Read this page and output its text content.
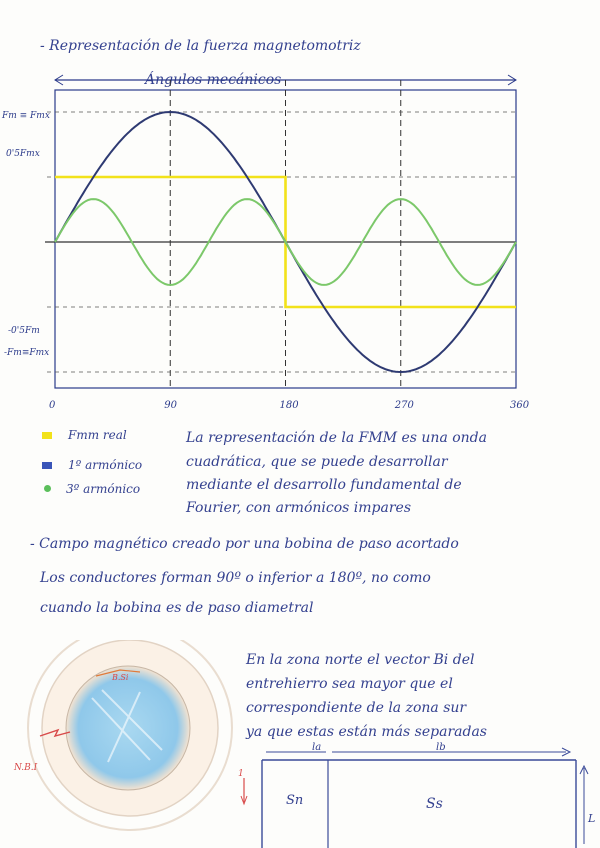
- Representación de la fuerza magnetomotriz
Ángulos mecánicos
0	90	180	270	360
Fm ≡ Fmx
0'5Fmx
-0'5Fm
-Fm≡Fmx
Fmm real
1º armónico
3º armónico
La representación de la FMM es una onda
cuadrática, que se puede desarrollar
mediante el desarrollo fundamental de
Fourier, con armónicos impares
- Campo magnético creado por una bobina de paso acortado
Los conductores forman 90º o inferior a 180º, no como
cuando la bobina es de paso diametral
N.B.I
B.Si
En la zona norte el vector Bi del
entrehierro sea mayor que el
correspondiente de la zona sur
ya que estas están más separadas
la	lb
Sn	Ss
L
1
